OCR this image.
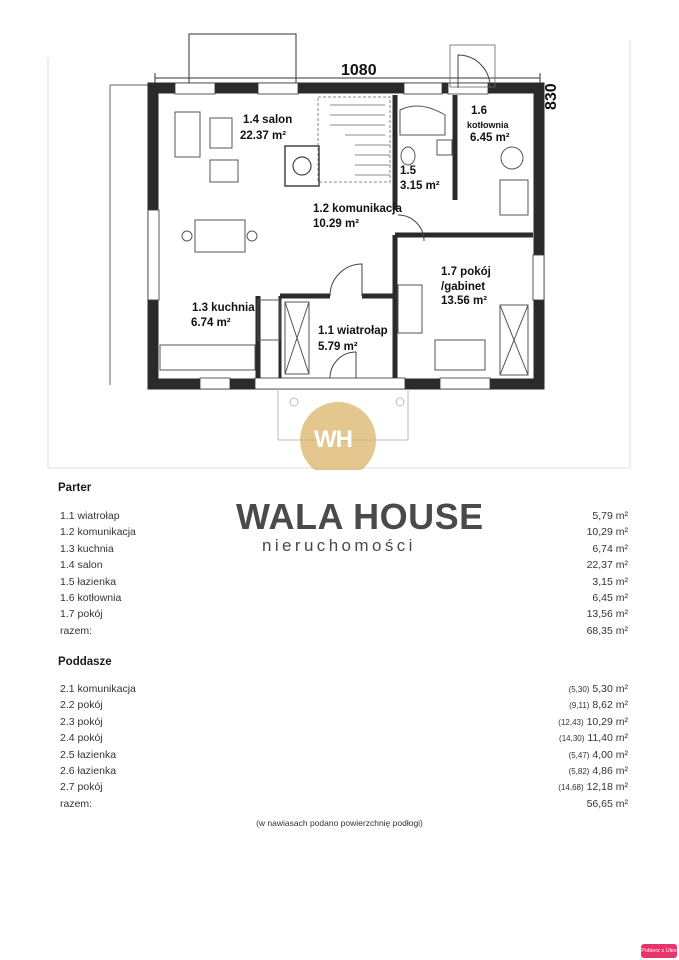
1080
830
1.4 salon
22.37 m²
1.5
3.15 m²
1.6
kotłownia
6.45 m²
1.2 komunikacja
10.29 m²
1.3 kuchnia
6.74 m²
1.1 wiatrołap
5.79 m²
1.7 pokój
/gabinet
13.56 m²
WH
WALA HOUSE
nieruchomości
Parter
1.1 wiatrołap	5,79 m²
1.2 komunikacja	10,29 m²
1.3 kuchnia	6,74 m²
1.4 salon	22,37 m²
1.5 łazienka	3,15 m²
1.6 kotłownia	6,45 m²
1.7 pokój	13,56 m²
razem:	68,35 m²
Poddasze
2.1 komunikacja	(5,30) 5,30 m²
2.2 pokój	(9,11) 8,62 m²
2.3 pokój	(12,43) 10,29 m²
2.4 pokój	(14,30) 11,40 m²
2.5 łazienka	(5,47) 4,00 m²
2.6 łazienka	(5,82) 4,86 m²
2.7 pokój	(14,68) 12,18 m²
razem:	56,65 m²
(w nawiasach podano powierzchnię podłogi)
Pobierz z Ulex
